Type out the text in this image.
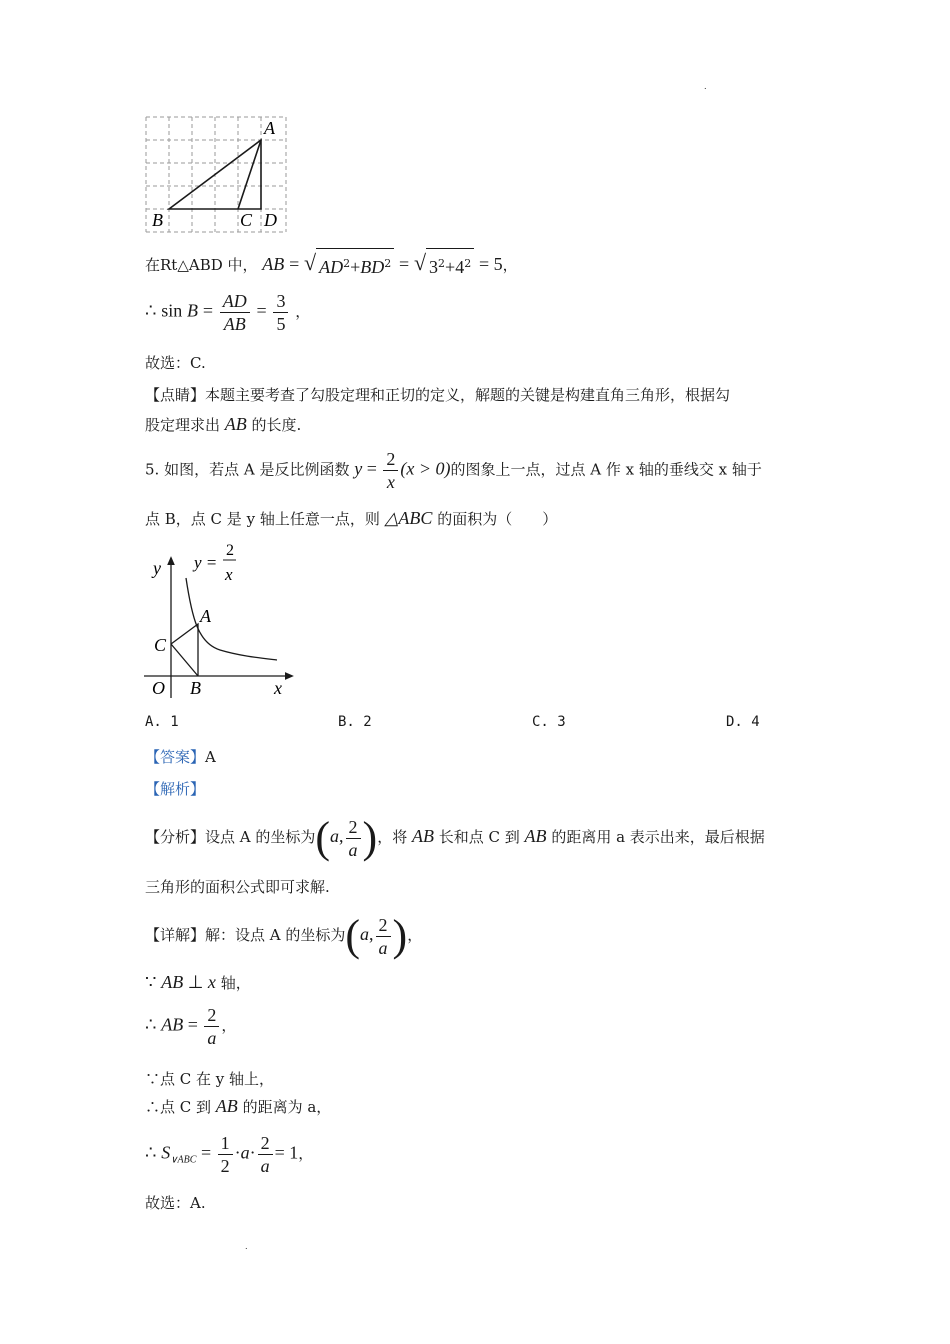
.
.
A
B	C D
在Rt△ABD 中， AB = √ $AD^2+BD^2$ = √ $3^2+4^2 = 5$，
∴ $\sin B = \frac{AD}{AB} = \frac{3}{5}$ ，
故选：C.
【点睛】本题主要考查了勾股定理和正切的定义，解题的关键是构建直角三角形，根据勾
股定理求出 AB 的长度.
5. 如图，若点 A 是反比例函数 $y = \frac{2}{x} (x > 0)$的图象上一点，过点 A 作 x 轴的垂线交 x 轴于
点 B，点 C 是 y 轴上任意一点，则 △ABC 的面积为（　　）
y y =
2
x
A
C
O B	x
A. 1	B. 2	C. 3	D. 4
【答案】A
【解析】
【分析】设点 A 的坐标为(a, $\frac{2}{a}$ )，将 AB 长和点 C 到 AB 的距离用 a 表示出来，最后根据
三角形的面积公式即可求解.
【详解】解：设点 A 的坐标为(a, $\frac{2}{a}$ )，
∵ AB ⊥ x 轴，
∴ AB = $\frac{2}{a}$ ，
∵点 C 在 y 轴上，
∴点 C 到 AB 的距离为 a，
∴ $S_{\vee ABC} = \frac{1}{2} \cdot a\cdot \frac{2}{a} = 1$，
故选：A.
